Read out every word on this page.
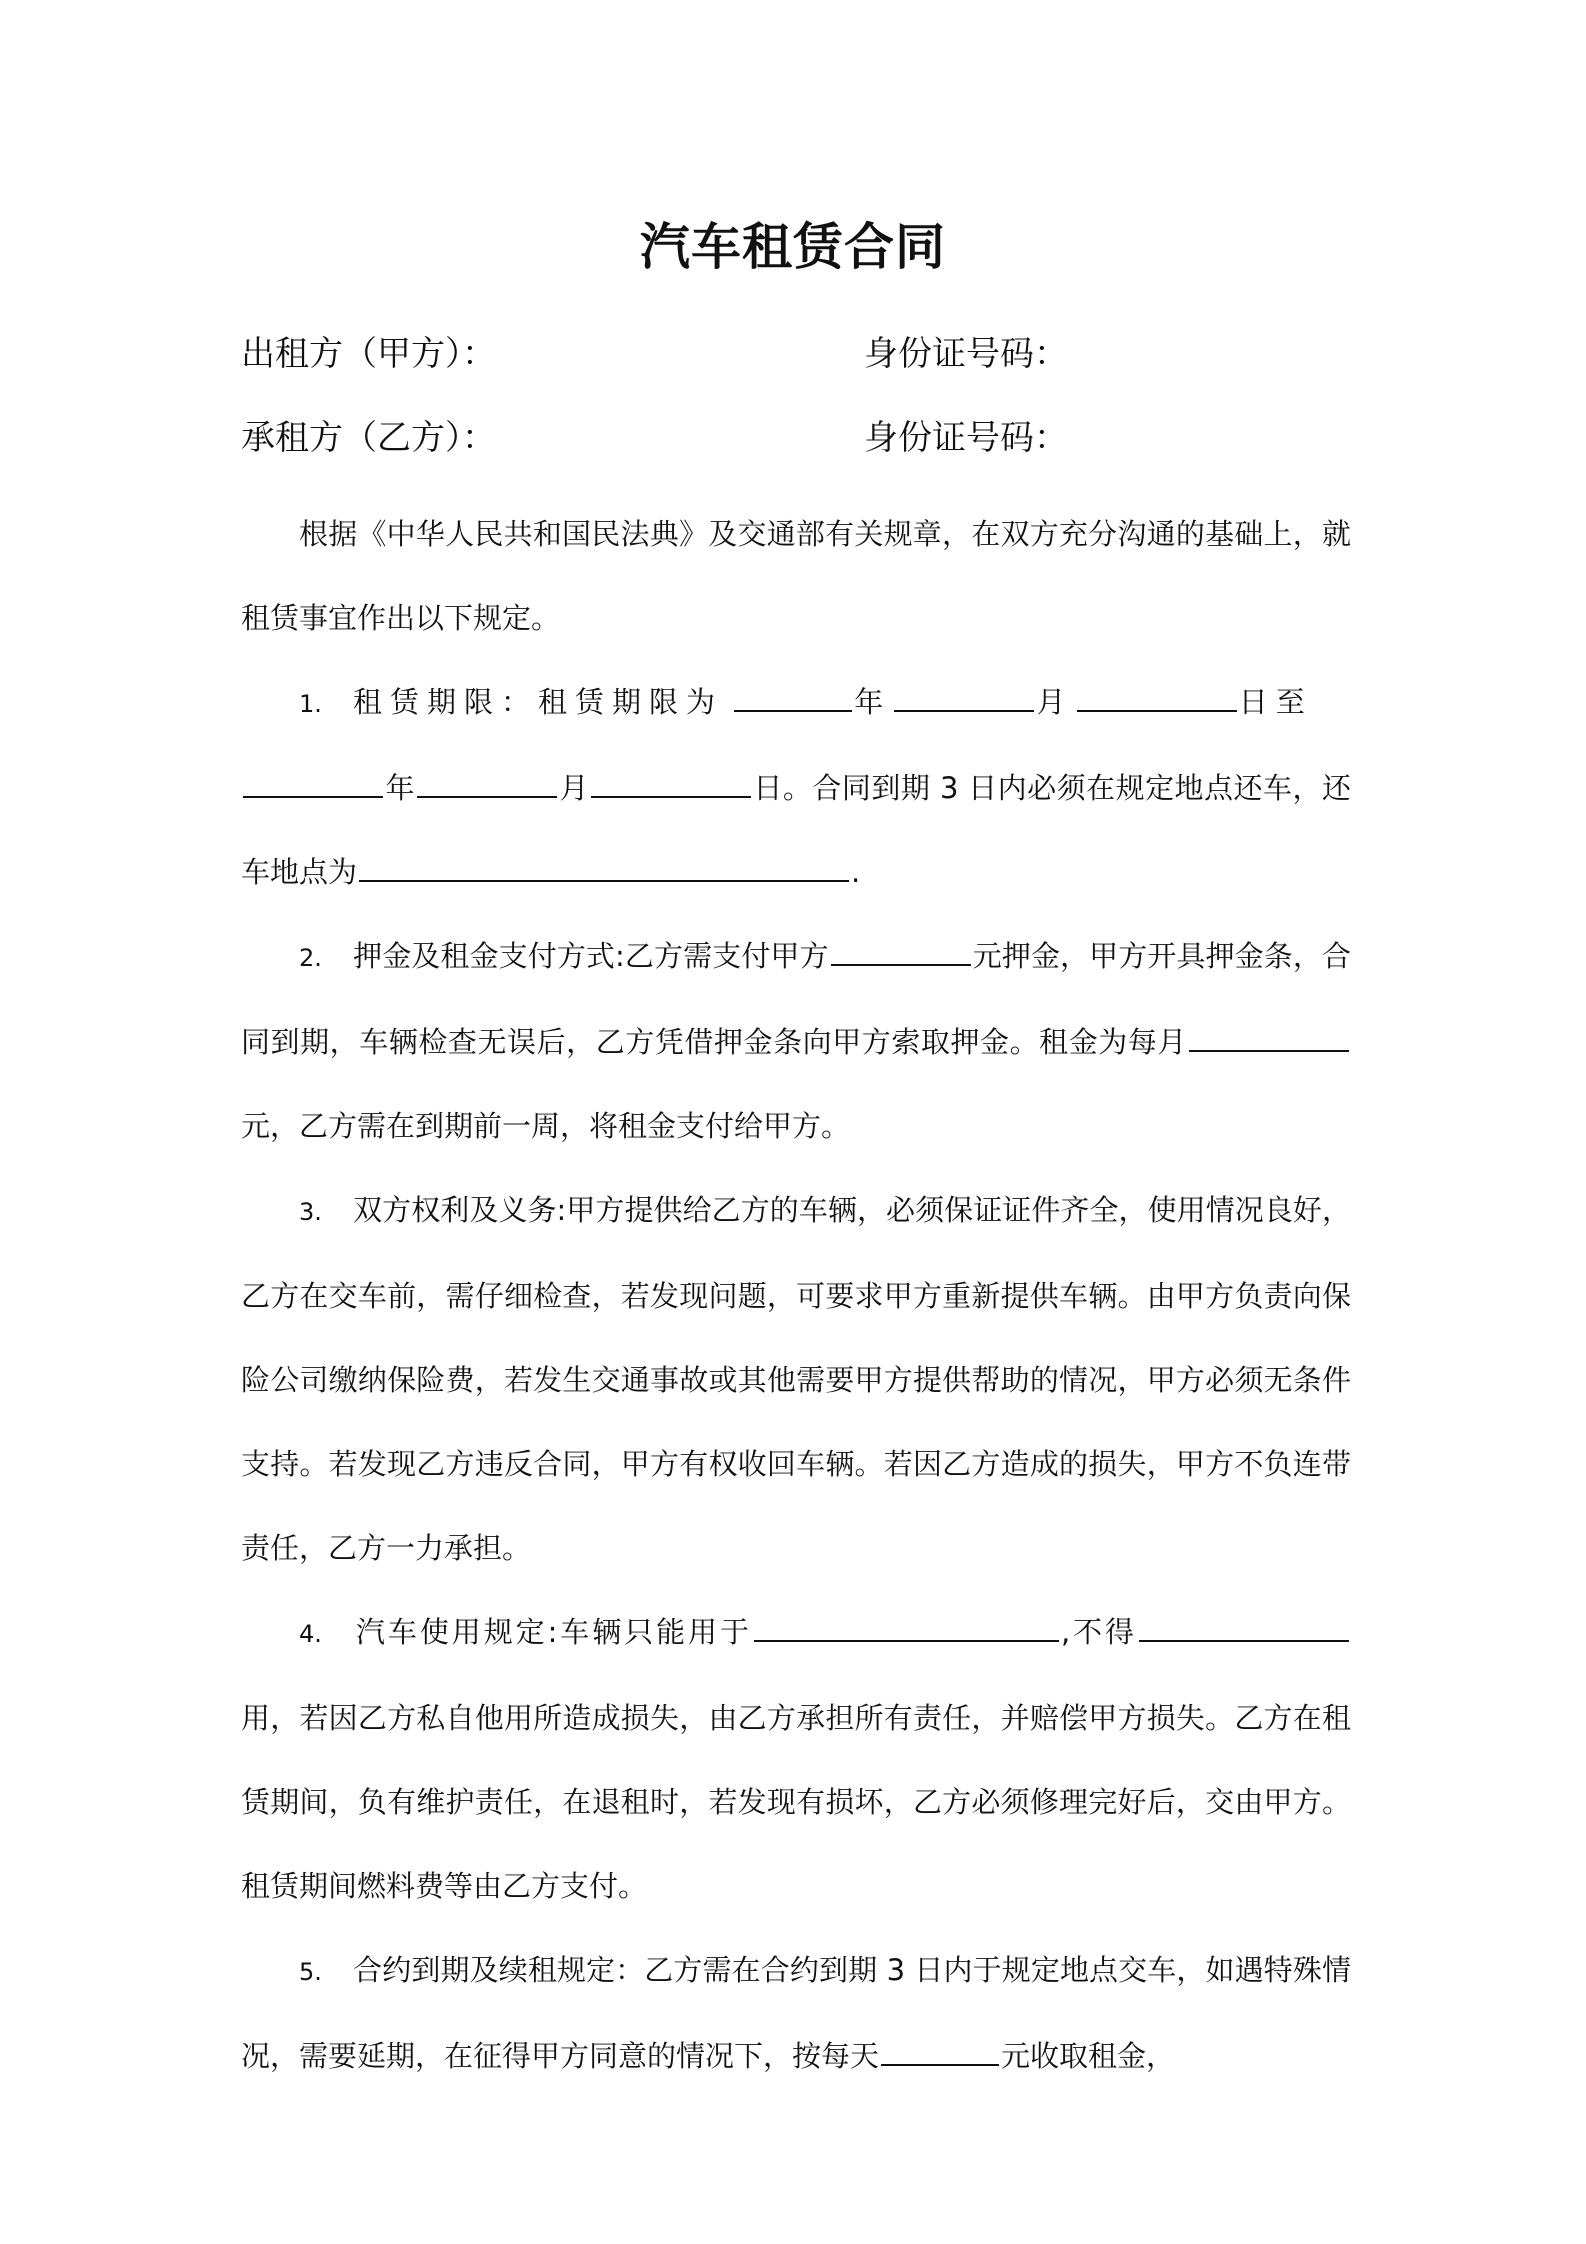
汽车租赁合同
出租方（甲方）：	身份证号码：
承租方（乙方）：	身份证号码：

根据《中华人民共和国民法典》及交通部有关规章，在双方充分沟通的基础上，就租赁事宜作出以下规定。

1. 租赁期限：租赁期限为	年	月	日至
年	月	日。合同到期 3 日内必须在规定地点还车，还车地点为	.

2. 押金及租金支付方式:乙方需支付甲方	元押金，甲方开具押金条，合同到期，车辆检查无误后，乙方凭借押金条向甲方索取押金。租金为每月元，乙方需在到期前一周，将租金支付给甲方。

3. 双方权利及义务:甲方提供给乙方的车辆，必须保证证件齐全，使用情况良好，乙方在交车前，需仔细检查，若发现问题，可要求甲方重新提供车辆。由甲方负责向保险公司缴纳保险费，若发生交通事故或其他需要甲方提供帮助的情况，甲方必须无条件支持。若发现乙方违反合同，甲方有权收回车辆。若因乙方造成的损失，甲方不负连带责任，乙方一力承担。

4. 汽车使用规定:车辆只能用于	,不得用，若因乙方私自他用所造成损失，由乙方承担所有责任，并赔偿甲方损失。乙方在租赁期间，负有维护责任，在退租时，若发现有损坏，乙方必须修理完好后，交由甲方。租赁期间燃料费等由乙方支付。

5. 合约到期及续租规定：乙方需在合约到期 3 日内于规定地点交车，如遇特殊情况，需要延期，在征得甲方同意的情况下，按每天	元收取租金，
